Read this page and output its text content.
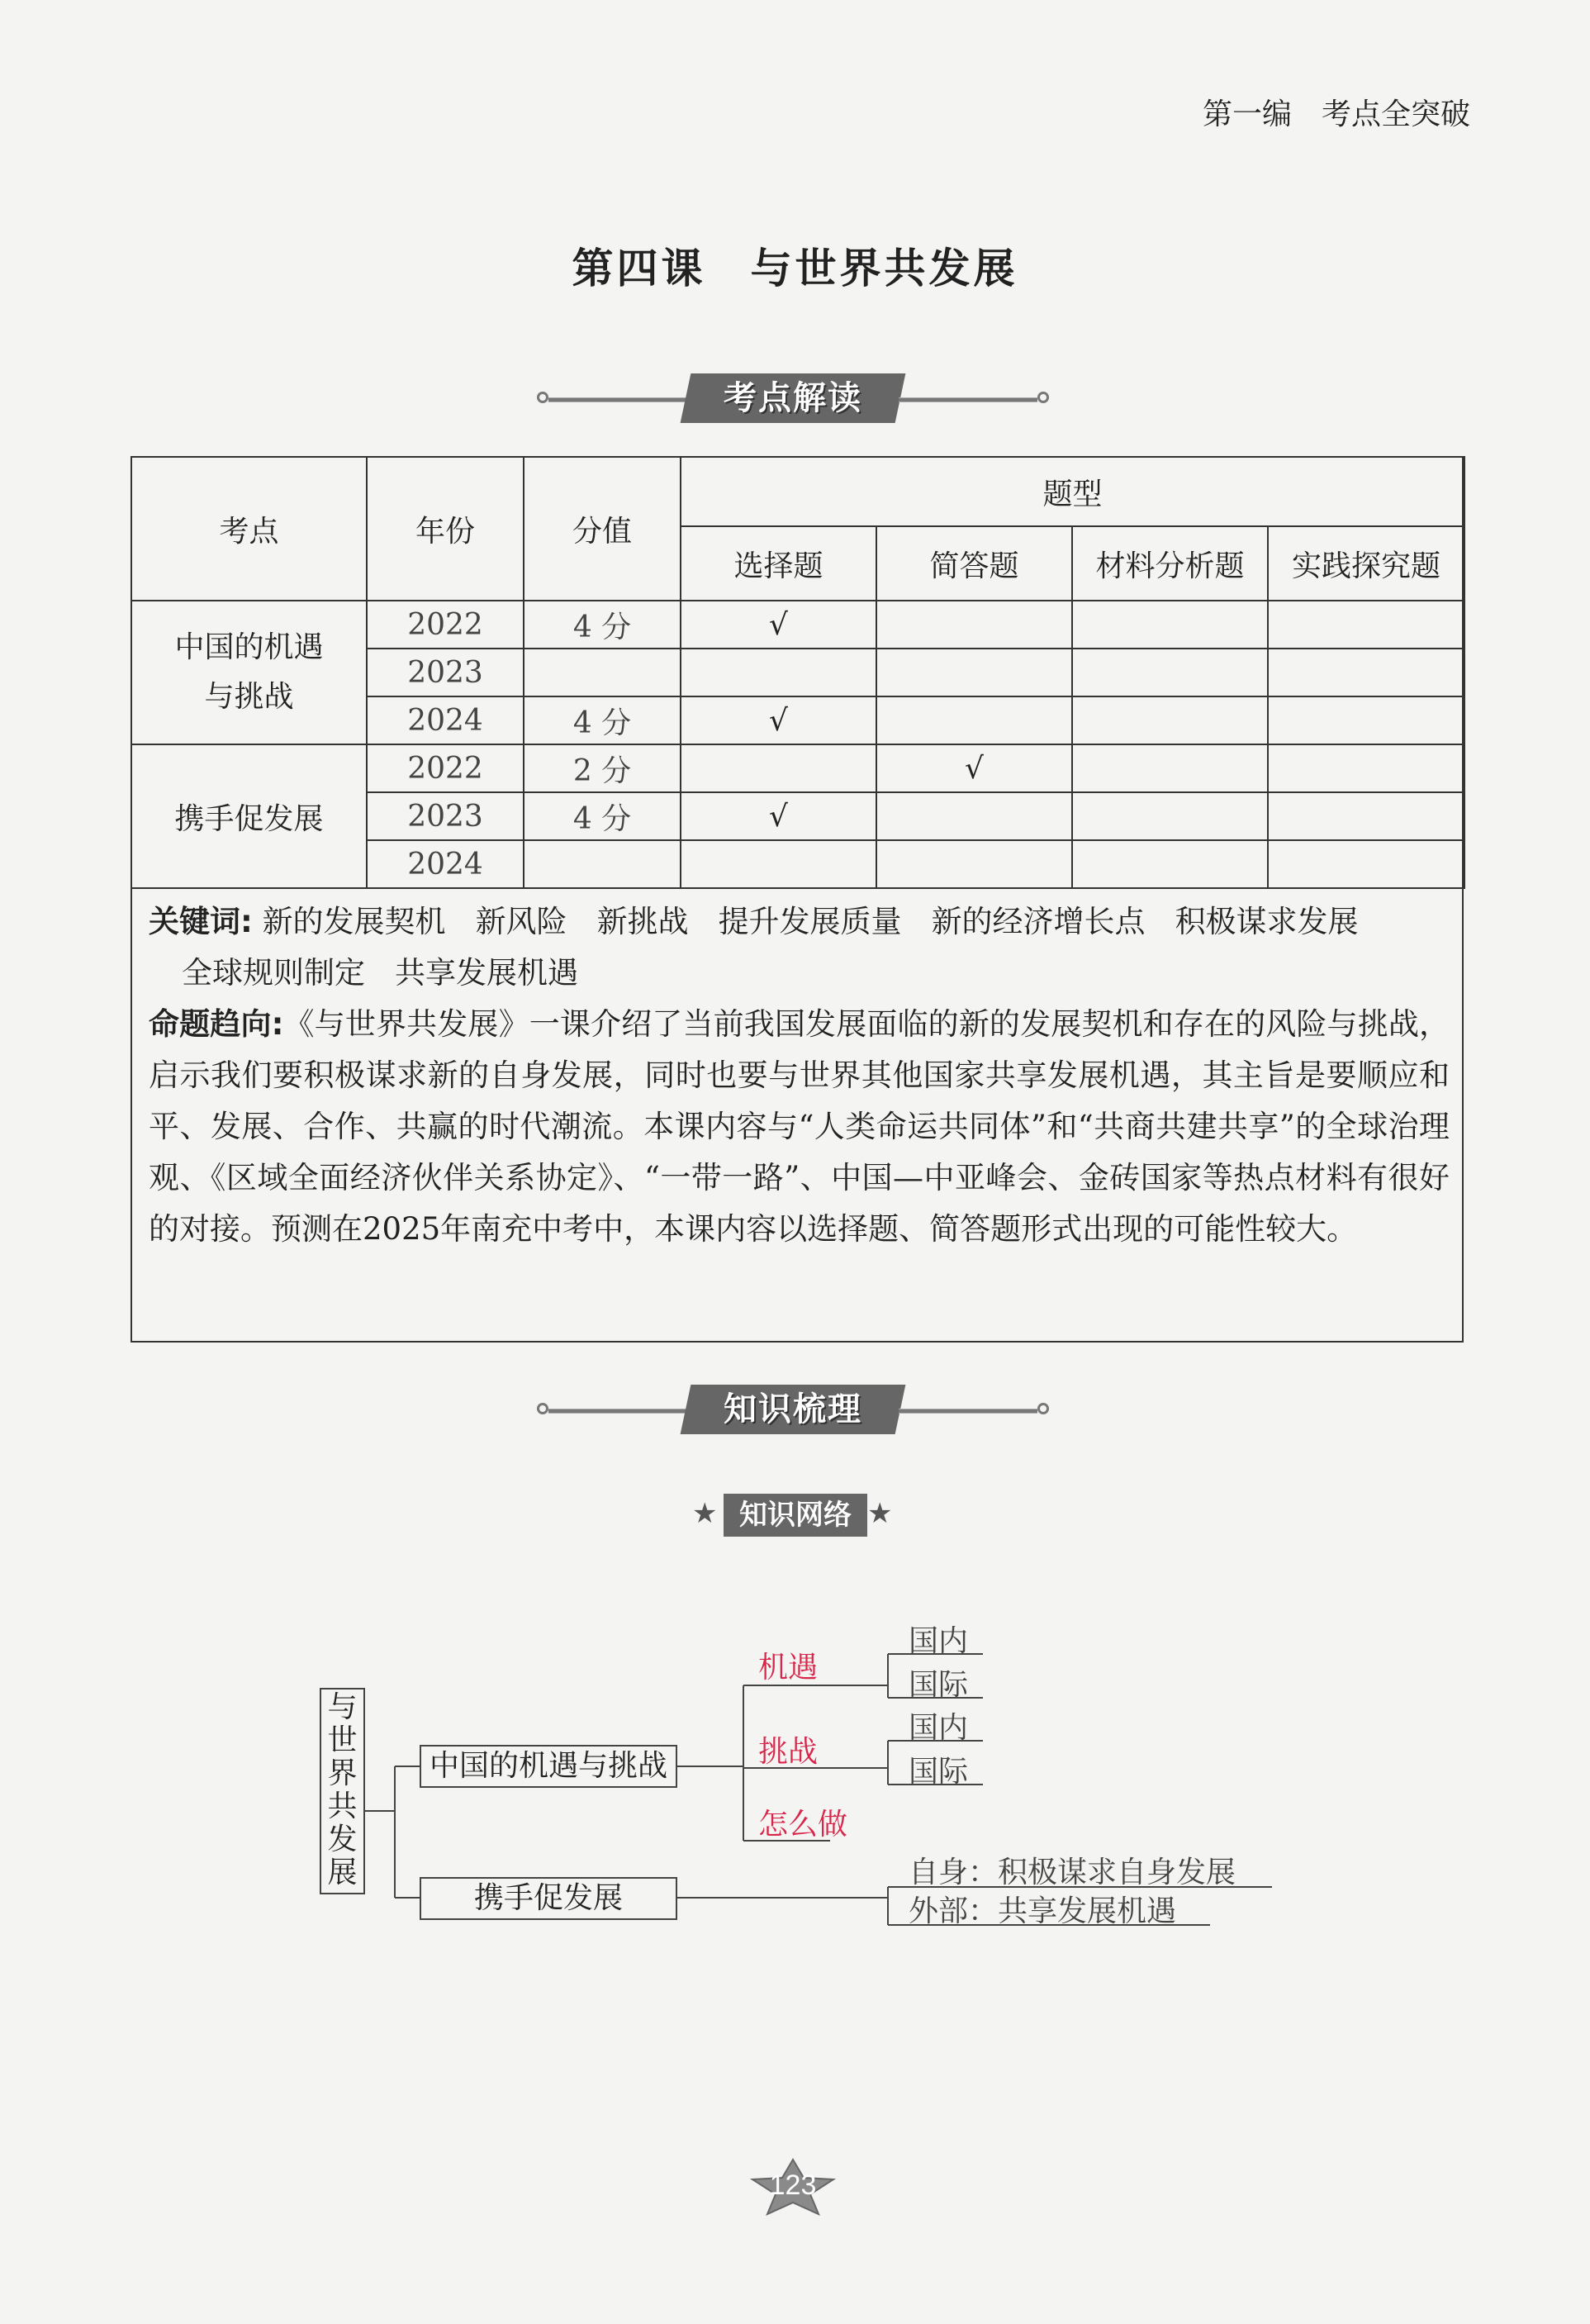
第一编　考点全突破
第四课　与世界共发展
考点解读
考点	年份	分值	题型			
			选择题	简答题	材料分析题	实践探究题

中国的机遇与挑战	2022	4 分	√			
	2023					
	2024	4 分	√			
携手促发展	2022	2 分		√		
	2023	4 分	√			
	2024					

关键词: 新的发展契机 新风险 新挑战 提升发展质量 新的经济增长点 积极谋求发展

全球规则制定 共享发展机遇

命题趋向:《与世界共发展》一课介绍了当前我国发展面临的新的发展契机和存在的风险与挑战，启示我们要积极谋求新的自身发展，同时也要与世界其他国家共享发展机遇，其主旨是要顺应和平、发展、合作、共赢的时代潮流。本课内容与“人类命运共同体”和“共商共建共享”的全球治理观、《区域全面经济伙伴关系协定》、“一带一路”、中国—中亚峰会、金砖国家等热点材料有很好的对接。预测在2025年南充中考中，本课内容以选择题、简答题形式出现的可能性较大。

知识梳理
★ 知识网络 ★
与世界共发展
中国的机遇与挑战
携手促发展
机遇
挑战
怎么做
国内
国际
国内
国际
自身：积极谋求自身发展
外部：共享发展机遇
123
